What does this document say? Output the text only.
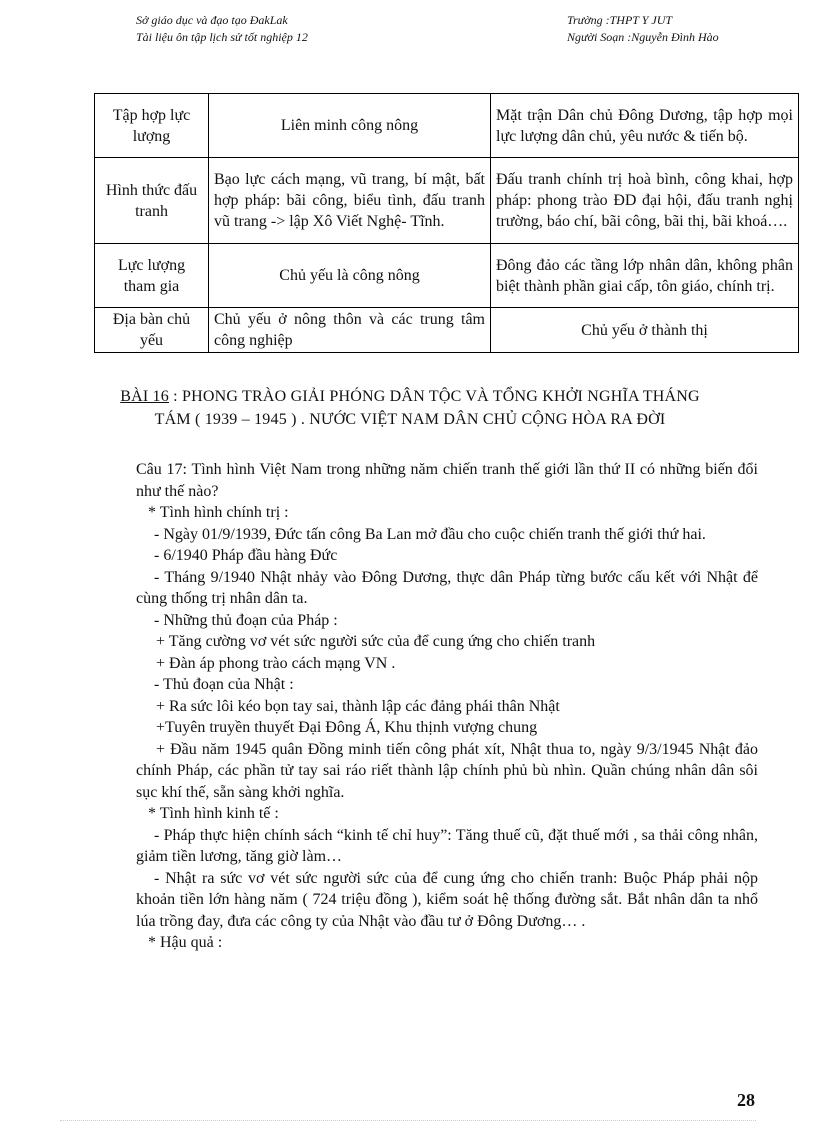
Sở giáo dục và đạo tạo ĐakLak
Tài liệu ôn tập lịch sử tốt nghiệp 12
Trường :THPT Y JUT
Người Soạn :Nguyễn Đình Hào
Tập hợp lực lượng	Liên minh công nông	Mặt trận Dân chủ Đông Dương, tập hợp mọi lực lượng dân chủ, yêu nước & tiến bộ.
Hình thức đấu tranh	Bạo lực cách mạng, vũ trang, bí mật, bất hợp pháp: bãi công, biểu tình, đấu tranh vũ trang -> lập Xô Viết Nghệ- Tĩnh.	Đấu tranh chính trị hoà bình, công khai, hợp pháp: phong trào ĐD đại hội, đấu tranh nghị trường, báo chí, bãi công, bãi thị, bãi khoá….
Lực lượng tham gia	Chủ yếu là công nông	Đông đảo các tầng lớp nhân dân, không phân biệt thành phần giai cấp, tôn giáo, chính trị.
Địa bàn chủ yếu	Chủ yếu ở nông thôn và các trung tâm công nghiệp	Chủ yếu ở thành thị
BÀI 16 : PHONG TRÀO GIẢI PHÓNG DÂN TỘC VÀ TỔNG KHỞI NGHĨA THÁNG TÁM ( 1939 – 1945 ) . NƯỚC VIỆT NAM DÂN CHỦ CỘNG HÒA RA ĐỜI

Câu 17: Tình hình Việt Nam trong những năm chiến tranh thế giới lần thứ II có những biến đổi như thế nào?

* Tình hình chính trị :

- Ngày 01/9/1939, Đức tấn công Ba Lan mở đầu cho cuộc chiến tranh thế giới thứ hai.

- 6/1940 Pháp đầu hàng Đức

- Tháng 9/1940 Nhật nhảy vào Đông Dương, thực dân Pháp từng bước cấu kết với Nhật để cùng thống trị nhân dân ta.

- Những thủ đoạn của Pháp :

+ Tăng cường vơ vét sức người sức của để cung ứng cho chiến tranh

+ Đàn áp phong trào cách mạng VN .

- Thủ đoạn của Nhật :

+ Ra sức lôi kéo bọn tay sai, thành lập các đảng phái thân Nhật

+Tuyên truyền thuyết Đại Đông Á, Khu thịnh vượng chung

+ Đầu năm 1945 quân Đồng minh tiến công phát xít, Nhật thua to, ngày 9/3/1945 Nhật đảo chính Pháp, các phần tử tay sai ráo riết thành lập chính phủ bù nhìn. Quần chúng nhân dân sôi sục khí thế, sẵn sàng khởi nghĩa.

* Tình hình kinh tế :

- Pháp thực hiện chính sách “kinh tế chỉ huy”: Tăng thuế cũ, đặt thuế mới , sa thải công nhân, giảm tiền lương, tăng giờ làm…

- Nhật ra sức vơ vét sức người sức của để cung ứng cho chiến tranh: Buộc Pháp phải nộp khoản tiền lớn hàng năm ( 724 triệu đồng ), kiểm soát hệ thống đường sắt. Bắt nhân dân ta nhổ lúa trồng đay, đưa các công ty của Nhật vào đầu tư ở Đông Dương… .

* Hậu quả :

28
